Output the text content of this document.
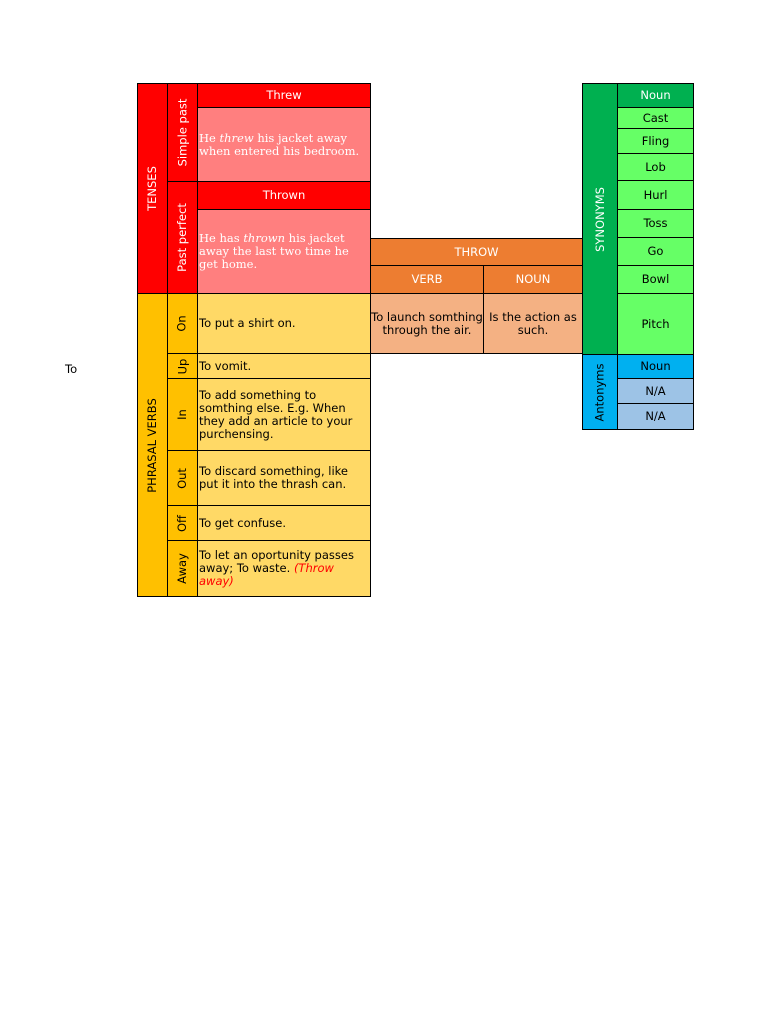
To
TENSES
Simple past
Threw
He threw his jacket away when entered his bedroom.
Past perfect
Thrown
He has thrown his jacket away the last two time he get home.
THROW
VERB	NOUN
To launch somthing through the air.
Is the action as such.
PHRASAL VERBS
On To put a shirt on.
Up To vomit.
In
To add something to somthing else. E.g. When they add an article to your purchensing.
Out To discard something, like put it into the thrash can.
Off To get confuse.
Away To let an oportunity passes away; To waste. (Throw away)
SYNONYMS
Noun
Cast
Fling
Lob
Hurl
Toss
Go
Bowl
Pitch
Antonyms	Noun
N/A
N/A
